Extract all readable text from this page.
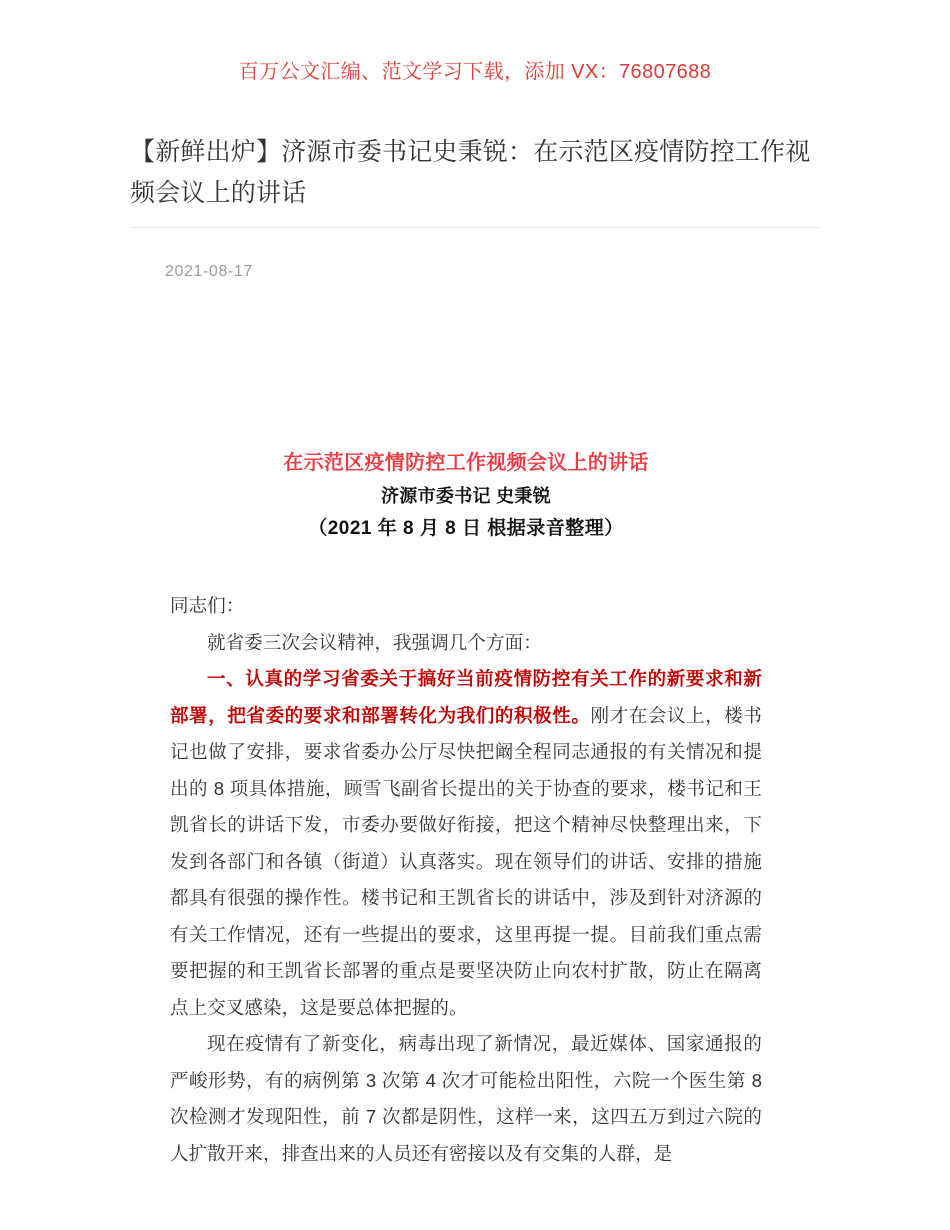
百万公文汇编、范文学习下载，添加 VX：76807688
【新鲜出炉】济源市委书记史秉锐：在示范区疫情防控工作视频会议上的讲话
2021-08-17

在示范区疫情防控工作视频会议上的讲话

济源市委书记 史秉锐

（2021 年 8 月 8 日 根据录音整理）

同志们：

就省委三次会议精神，我强调几个方面：

一、认真的学习省委关于搞好当前疫情防控有关工作的新要求和新部署，把省委的要求和部署转化为我们的积极性。刚才在会议上，楼书记也做了安排，要求省委办公厅尽快把阚全程同志通报的有关情况和提出的 8 项具体措施，顾雪飞副省长提出的关于协查的要求，楼书记和王凯省长的讲话下发，市委办要做好衔接，把这个精神尽快整理出来，下发到各部门和各镇（街道）认真落实。现在领导们的讲话、安排的措施都具有很强的操作性。楼书记和王凯省长的讲话中，涉及到针对济源的有关工作情况，还有一些提出的要求，这里再提一提。目前我们重点需要把握的和王凯省长部署的重点是要坚决防止向农村扩散，防止在隔离点上交叉感染，这是要总体把握的。

现在疫情有了新变化，病毒出现了新情况，最近媒体、国家通报的严峻形势，有的病例第 3 次第 4 次才可能检出阳性，六院一个医生第 8 次检测才发现阳性，前 7 次都是阴性，这样一来，这四五万到过六院的人扩散开来，排查出来的人员还有密接以及有交集的人群，是
